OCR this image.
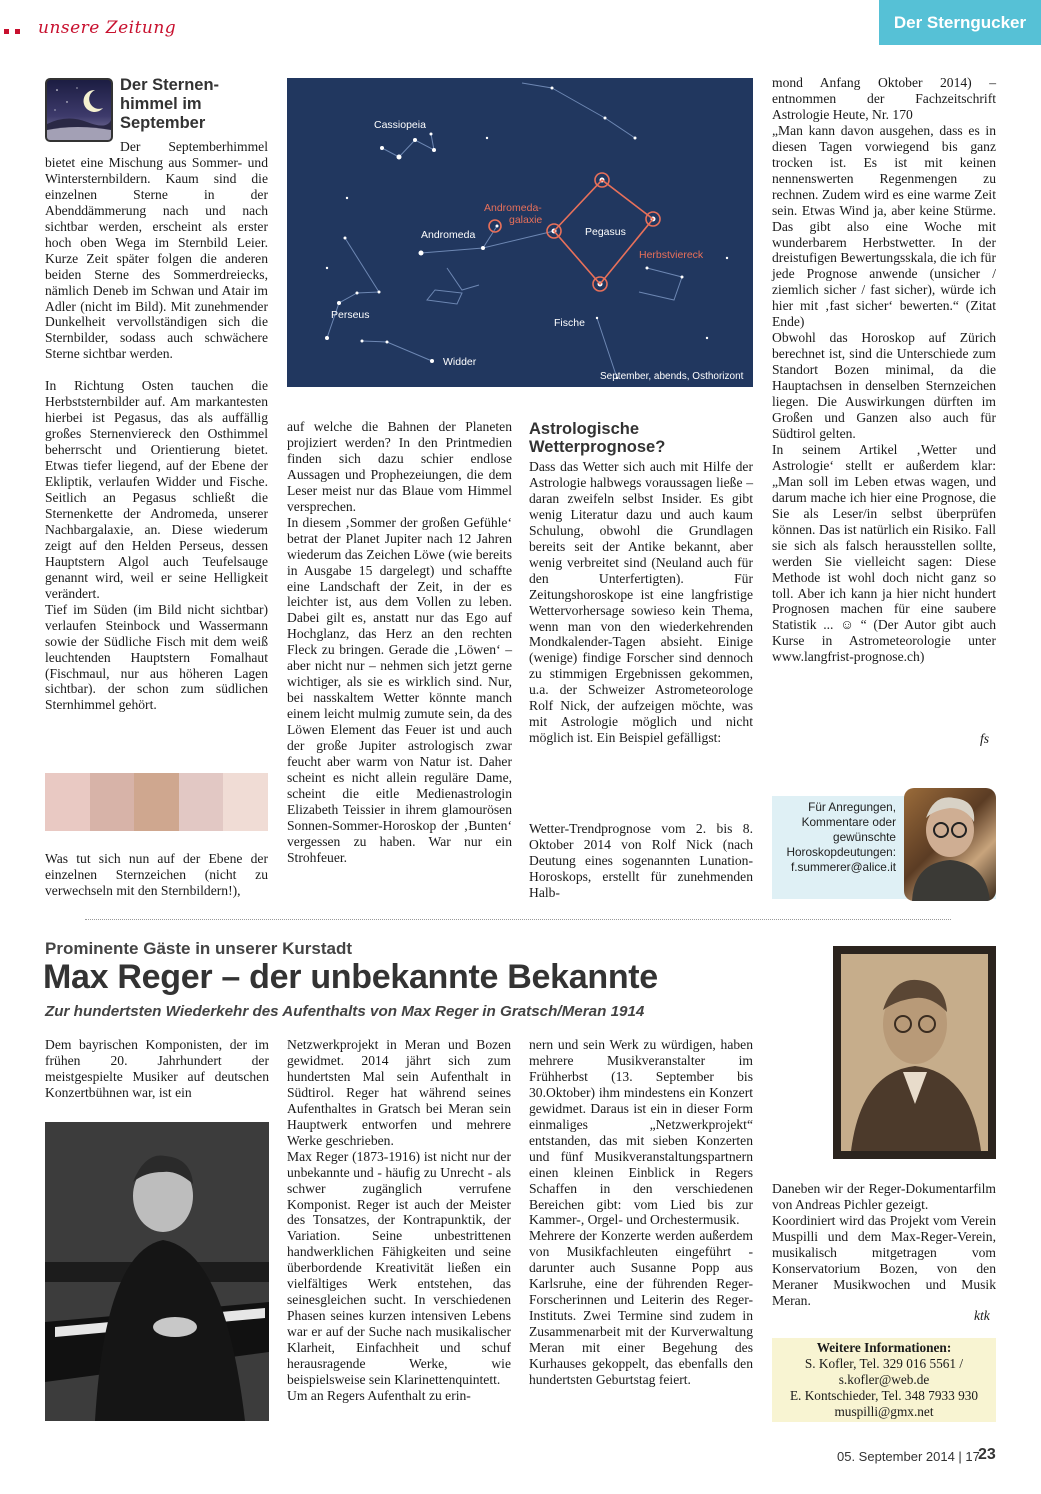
unsere Zeitung	Der Sterngucker
Der Sternen-
himmel im
September

Der Septemberhimmel bietet eine Mischung aus Sommer- und Wintersternbildern. Kaum sind die einzelnen Sterne in der Abenddämmerung nach und nach sichtbar werden, erscheint als erster hoch oben Wega im Sternbild Leier. Kurze Zeit später folgen die anderen beiden Sterne des Sommerdreiecks, nämlich Deneb im Schwan und Atair im Adler (nicht im Bild). Mit zunehmender Dunkelheit vervollständigen sich die Sternbilder, sodass auch schwächere Sterne sichtbar werden.

In Richtung Osten tauchen die Herbststernbilder auf. Am markantesten hierbei ist Pegasus, das als auffällig großes Sternenviereck den Osthimmel beherrscht und Orientierung bietet. Etwas tiefer liegend, auf der Ebene der Ekliptik, verlaufen Widder und Fische. Seitlich an Pegasus schließt die Sternenkette der Andromeda, unserer Nachbargalaxie, an. Diese wiederum zeigt auf den Helden Perseus, dessen Hauptstern Algol auch Teufelsauge genannt wird, weil er seine Helligkeit verändert.

Tief im Süden (im Bild nicht sichtbar) verlaufen Steinbock und Wassermann sowie der Südliche Fisch mit dem weiß leuchtenden Hauptstern Fomalhaut (Fischmaul, nur aus höheren Lagen sichtbar). der schon zum südlichen Sternhimmel gehört.

Was tut sich nun auf der Ebene der einzelnen Sternzeichen (nicht zu verwechseln mit den Sternbildern!),

Cassiopeia
Andromeda	Pegasus
Perseus
Fische
Widder
September, abends, Osthorizont
Andromeda-galaxie
Herbstviereck
auf welche die Bahnen der Planeten projiziert werden? In den Printmedien finden sich dazu schier endlose Aussagen und Prophezeiungen, die dem Leser meist nur das Blaue vom Himmel versprechen.
In diesem ‚Sommer der großen Gefühle‘ betrat der Planet Jupiter nach 12 Jahren wiederum das Zeichen Löwe (wie bereits in Ausgabe 15 dargelegt) und schaffte eine Landschaft der Zeit, in der es leichter ist, aus dem Vollen zu leben. Dabei gilt es, anstatt nur das Ego auf Hochglanz, das Herz an den rechten Fleck zu bringen. Gerade die ‚Löwen‘ – aber nicht nur – nehmen sich jetzt gerne wichtiger, als sie es wirklich sind. Nur, bei nasskaltem Wetter könnte manch einem leicht mulmig zumute sein, da des Löwen Element das Feuer ist und auch der große Jupiter astrologisch zwar feucht aber warm von Natur ist. Daher scheint es nicht allein reguläre Dame, scheint die eitle Medienastrologin Elizabeth Teissier in ihrem glamourösen Sonnen-Sommer-Horoskop der ‚Bunten‘ vergessen zu haben. War nur ein Strohfeuer.
Astrologische
Wetterprognose?

Dass das Wetter sich auch mit Hilfe der Astrologie halbwegs voraussagen ließe – daran zweifeln selbst Insider. Es gibt wenig Literatur dazu und auch kaum Schulung, obwohl die Grundlagen bereits seit der Antike bekannt, aber wenig verbreitet sind (Neuland auch für den Unterfertigten). Für Zeitungshoroskope ist eine langfristige Wettervorhersage sowieso kein Thema, wenn man von den wiederkehrenden Mondkalender-Tagen absieht. Einige (wenige) findige Forscher sind dennoch zu stimmigen Ergebnissen gekommen, u.a. der Schweizer Astrometeorologe Rolf Nick, der aufzeigen möchte, was mit Astrologie möglich und nicht möglich ist. Ein Beispiel gefälligst:

Wetter-Trendprognose vom 2. bis 8. Oktober 2014 von Rolf Nick (nach Deutung eines sogenannten Lunation-Horoskops, erstellt für zunehmenden Halb-

mond Anfang Oktober 2014) – entnommen der Fachzeitschrift Astrologie Heute, Nr. 170
„Man kann davon ausgehen, dass es in diesen Tagen vorwiegend bis ganz trocken ist. Es ist mit keinen nennenswerten Regenmengen zu rechnen. Zudem wird es eine warme Zeit sein. Etwas Wind ja, aber keine Stürme. Das gibt also eine Woche mit wunderbarem Herbstwetter. In der dreistufigen Bewertungsskala, die ich für jede Prognose anwende (unsicher / ziemlich sicher / fast sicher), würde ich hier mit ‚fast sicher‘ bewerten.“ (Zitat Ende)
Obwohl das Horoskop auf Zürich berechnet ist, sind die Unterschiede zum Standort Bozen minimal, da die Hauptachsen in denselben Sternzeichen liegen. Die Auswirkungen dürften im Großen und Ganzen also auch für Südtirol gelten.
In seinem Artikel ‚Wetter und Astrologie‘ stellt er außerdem klar: „Man soll im Leben etwas wagen, und darum mache ich hier eine Prognose, die Sie als Leser/in selbst überprüfen können. Das ist natürlich ein Risiko. Fall sie sich als falsch herausstellen sollte, werden Sie vielleicht sagen: Diese Methode ist wohl doch nicht ganz so toll. Aber ich kann ja hier nicht hundert Prognosen machen für eine saubere Statistik ... ☺ “ (Der Autor gibt auch Kurse in Astrometeorologie unter www.langfrist-prognose.ch)
fs
Für Anregungen, Kommentare oder gewünschte Horoskopdeutungen: f.summerer@alice.it
Prominente Gäste in unserer Kurstadt
Max Reger – der unbekannte Bekannte
Zur hundertsten Wiederkehr des Aufenthalts von Max Reger in Gratsch/Meran 1914

Dem bayrischen Komponisten, der im frühen 20. Jahrhundert der meistgespielte Musiker auf deutschen Konzertbühnen war, ist ein

Netzwerkprojekt in Meran und Bozen gewidmet. 2014 jährt sich zum hundertsten Mal sein Aufenthalt in Südtirol. Reger hat während seines Aufenthaltes in Gratsch bei Meran sein Hauptwerk entworfen und mehrere Werke geschrieben.
Max Reger (1873-1916) ist nicht nur der unbekannte und - häufig zu Unrecht - als schwer zugänglich verrufene Komponist. Reger ist auch der Meister des Tonsatzes, der Kontrapunktik, der Variation. Seine unbestrittenen handwerklichen Fähigkeiten und seine überbordende Kreativität ließen ein vielfältiges Werk entstehen, das seinesgleichen sucht. In verschiedenen Phasen seines kurzen intensiven Lebens war er auf der Suche nach musikalischer Klarheit, Einfachheit und schuf herausragende Werke, wie beispielsweise sein Klarinettenquintett.
Um an Regers Aufenthalt zu erin-
nern und sein Werk zu würdigen, haben mehrere Musikveranstalter im Frühherbst (13. September bis 30.Oktober) ihm mindestens ein Konzert gewidmet. Daraus ist ein in dieser Form einmaliges „Netzwerkprojekt“ entstanden, das mit sieben Konzerten und fünf Musikveranstaltungspartnern einen kleinen Einblick in Regers Schaffen in den verschiedenen Bereichen gibt: vom Lied bis zur Kammer-, Orgel- und Orchestermusik.
Mehrere der Konzerte werden außerdem von Musikfachleuten eingeführt - darunter auch Susanne Popp aus Karlsruhe, eine der führenden Reger-Forscherinnen und Leiterin des Reger-Instituts. Zwei Termine sind zudem in Zusammenarbeit mit der Kurverwaltung Meran mit einer Begehung des Kurhauses gekoppelt, das ebenfalls den hundertsten Geburtstag feiert.
Daneben wir der Reger-Dokumentarfilm von Andreas Pichler gezeigt.
Koordiniert wird das Projekt vom Verein Muspilli und dem Max-Reger-Verein, musikalisch mitgetragen vom Konservatorium Bozen, von den Meraner Musikwochen und Musik Meran.
ktk
Weitere Informationen:
S. Kofler, Tel. 329 016 5561 /
s.kofler@web.de
E. Kontschieder, Tel. 348 7933 930
muspilli@gmx.net
05. September 2014 | 17
23
